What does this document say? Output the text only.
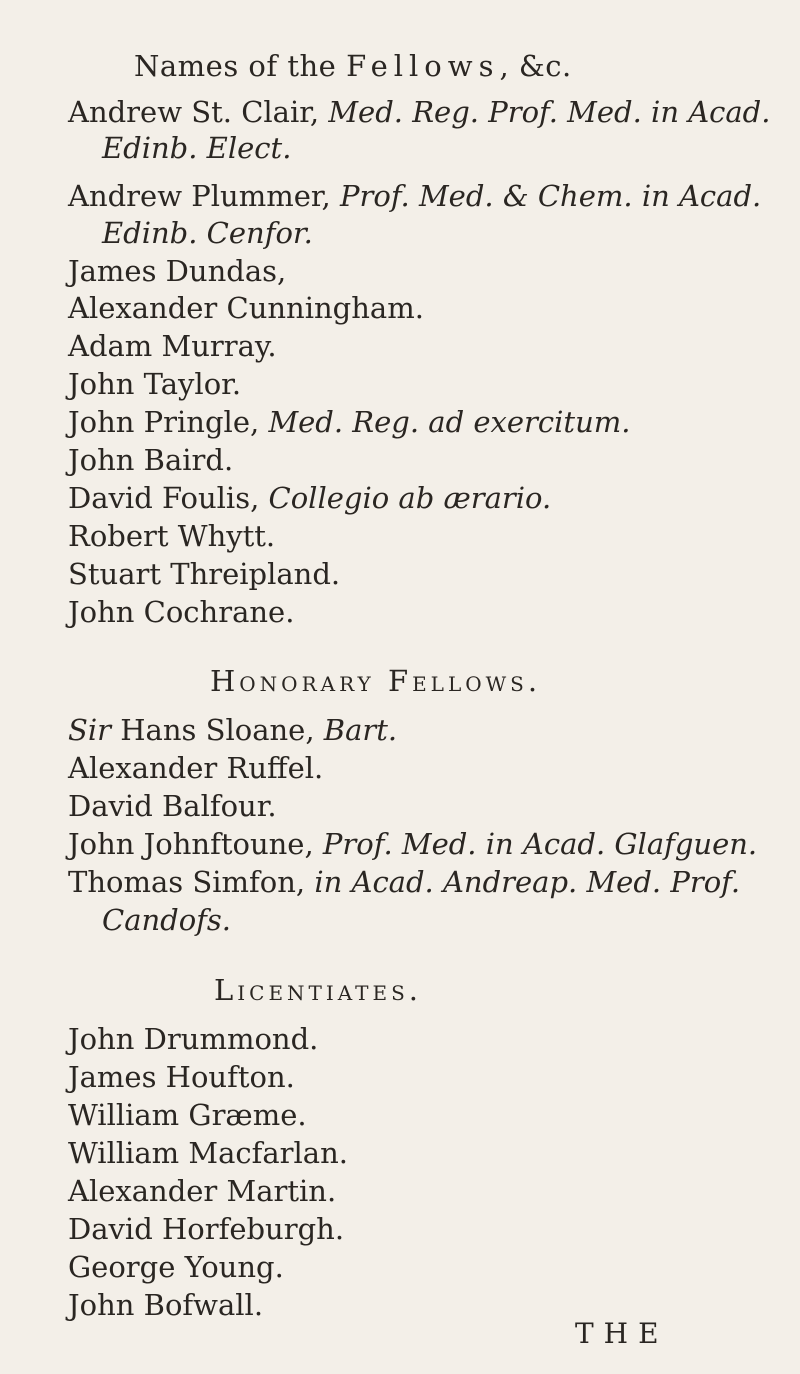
Names of the Fellows, &c.
Andrew St. Clair, Med. Reg. Prof. Med. in Acad.
Edinb. Elect.
Andrew Plummer, Prof. Med. & Chem. in Acad.
Edinb. Cenfor.
James Dundas,
Alexander Cunningham.
Adam Murray.
John Taylor.
John Pringle, Med. Reg. ad exercitum.
John Baird.
David Foulis, Collegio ab ærario.
Robert Whytt.
Stuart Threipland.
John Cochrane.
Honorary Fellows.
Sir Hans Sloane, Bart.
Alexander Ruffel.
David Balfour.
John Johnftoune, Prof. Med. in Acad. Glafguen.
Thomas Simfon, in Acad. Andreap. Med. Prof.
Candofs.
Licentiates.
John Drummond.
James Houfton.
William Græme.
William Macfarlan.
Alexander Martin.
David Horfeburgh.
George Young.
John Bofwall.
THE
